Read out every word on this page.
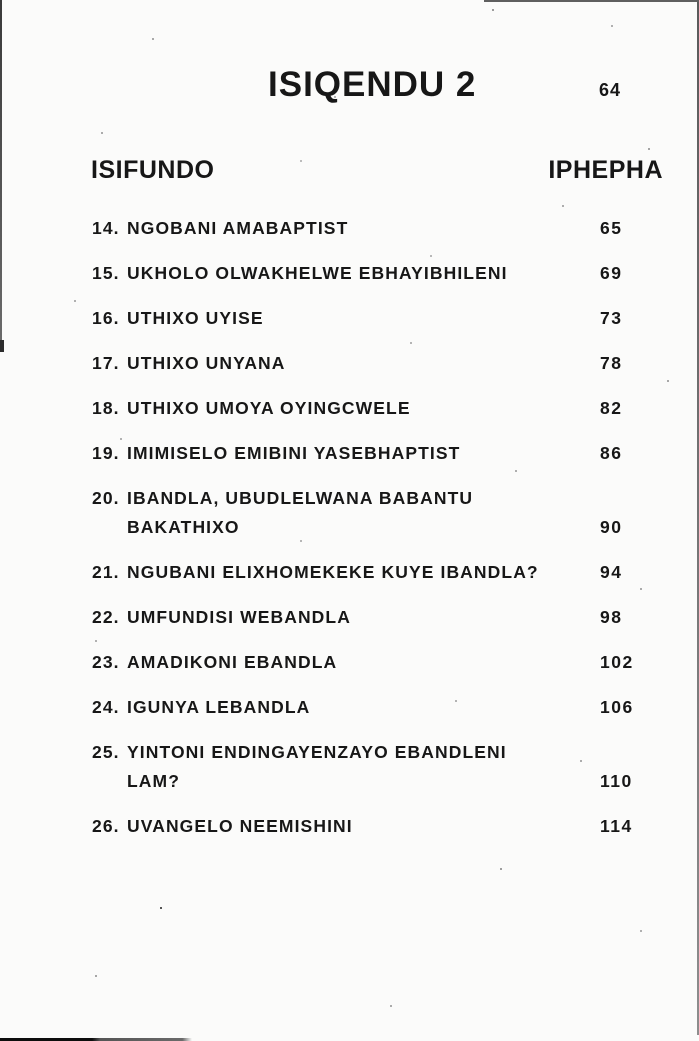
ISIQENDU 2	64
ISIFUNDO	IPHEPHA
14. NGOBANI AMABAPTIST	65
15. UKHOLO OLWAKHELWE EBHAYIBHILENI	69
16. UTHIXO UYISE	73
17. UTHIXO UNYANA	78
18. UTHIXO UMOYA OYINGCWELE	82
19. IMIMISELO EMIBINI YASEBHAPTIST	86
20. IBANDLA, UBUDLELWANA BABANTU
BAKATHIXO	90
21. NGUBANI ELIXHOMEKEKE KUYE IBANDLA?	94
22. UMFUNDISI WEBANDLA	98
23. AMADIKONI EBANDLA	102
24. IGUNYA LEBANDLA	106
25. YINTONI ENDINGAYENZAYO EBANDLENI
LAM?	110
26. UVANGELO NEEMISHINI	114
